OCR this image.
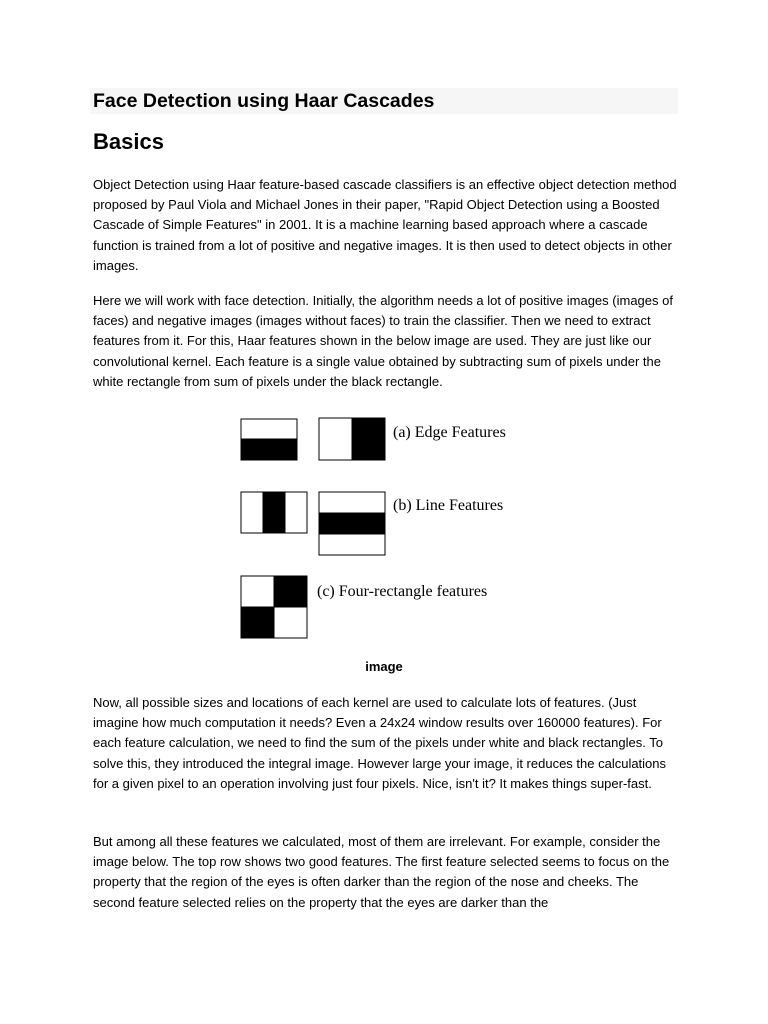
Face Detection using Haar Cascades
Basics

Object Detection using Haar feature-based cascade classifiers is an effective object detection method proposed by Paul Viola and Michael Jones in their paper, "Rapid Object Detection using a Boosted Cascade of Simple Features" in 2001. It is a machine learning based approach where a cascade function is trained from a lot of positive and negative images. It is then used to detect objects in other images.

Here we will work with face detection. Initially, the algorithm needs a lot of positive images (images of faces) and negative images (images without faces) to train the classifier. Then we need to extract features from it. For this, Haar features shown in the below image are used. They are just like our convolutional kernel. Each feature is a single value obtained by subtracting sum of pixels under the white rectangle from sum of pixels under the black rectangle.

(a) Edge Features
(b) Line Features
(c) Four-rectangle features
image

Now, all possible sizes and locations of each kernel are used to calculate lots of features. (Just imagine how much computation it needs? Even a 24x24 window results over 160000 features). For each feature calculation, we need to find the sum of the pixels under white and black rectangles. To solve this, they introduced the integral image. However large your image, it reduces the calculations for a given pixel to an operation involving just four pixels. Nice, isn't it? It makes things super-fast.

But among all these features we calculated, most of them are irrelevant. For example, consider the image below. The top row shows two good features. The first feature selected seems to focus on the property that the region of the eyes is often darker than the region of the nose and cheeks. The second feature selected relies on the property that the eyes are darker than the
